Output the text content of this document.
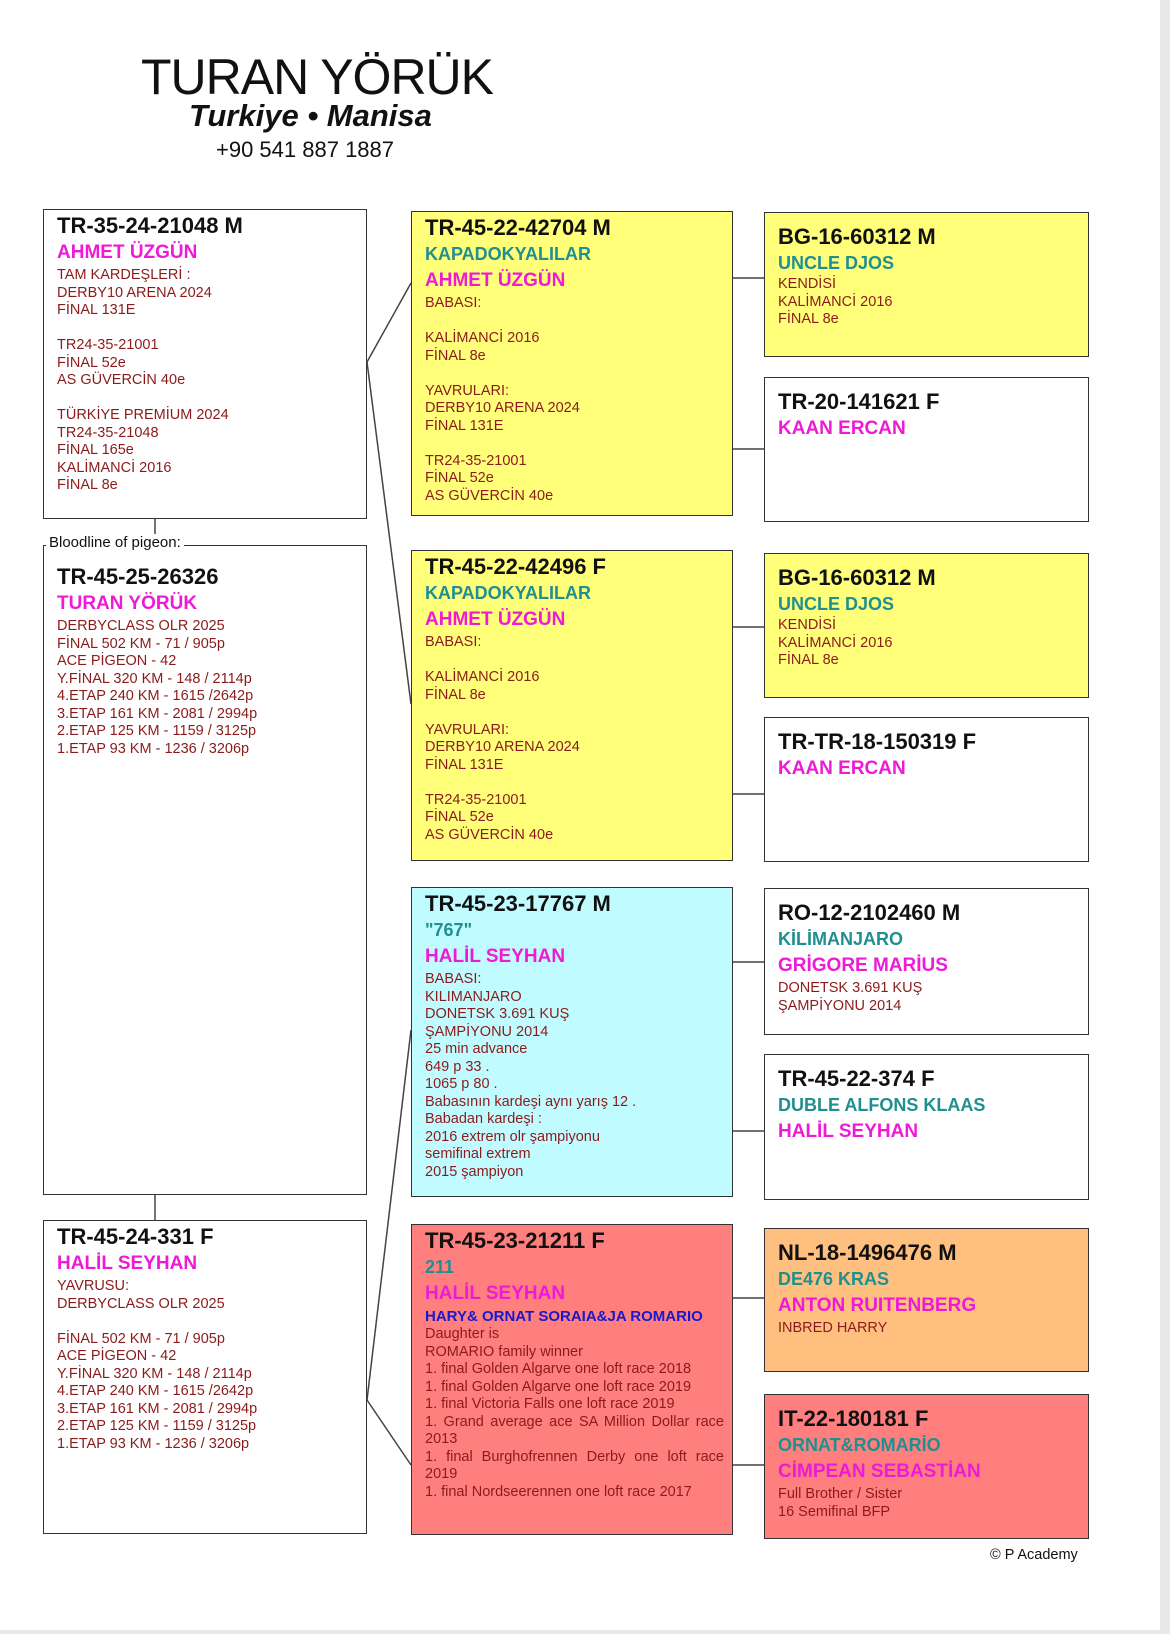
TURAN YÖRÜK
Turkiye • Manisa
+90 541 887 1887
TR-35-24-21048 M
AHMET ÜZGÜN
TAM KARDEŞLERİ :
DERBY10 ARENA 2024
FİNAL 131E

TR24-35-21001
FİNAL 52e
AS GÜVERCİN 40e

TÜRKİYE PREMİUM 2024
TR24-35-21048
FİNAL 165e
KALİMANCİ 2016
FİNAL 8e
TR-45-25-26326
TURAN YÖRÜK
DERBYCLASS OLR 2025
FİNAL 502 KM - 71 / 905p
ACE PİGEON - 42
Y.FİNAL 320 KM - 148 / 2114p
4.ETAP 240 KM - 1615 /2642p
3.ETAP 161 KM - 2081 / 2994p
2.ETAP 125 KM - 1159 / 3125p
1.ETAP 93 KM - 1236 / 3206p
Bloodline of pigeon:
TR-45-24-331 F
HALİL SEYHAN
YAVRUSU:
DERBYCLASS OLR 2025

FİNAL 502 KM - 71 / 905p
ACE PİGEON - 42
Y.FİNAL 320 KM - 148 / 2114p
4.ETAP 240 KM - 1615 /2642p
3.ETAP 161 KM - 2081 / 2994p
2.ETAP 125 KM - 1159 / 3125p
1.ETAP 93 KM - 1236 / 3206p
TR-45-22-42704 M
KAPADOKYALILAR
AHMET ÜZGÜN
BABASI:

KALİMANCİ 2016
FİNAL 8e

YAVRULARI:
DERBY10 ARENA 2024
FİNAL 131E

TR24-35-21001
FİNAL 52e
AS GÜVERCİN 40e
TR-45-22-42496 F
KAPADOKYALILAR
AHMET ÜZGÜN
BABASI:

KALİMANCİ 2016
FİNAL 8e

YAVRULARI:
DERBY10 ARENA 2024
FİNAL 131E

TR24-35-21001
FİNAL 52e
AS GÜVERCİN 40e
TR-45-23-17767 M
"767"
HALİL SEYHAN
BABASI:
KILIMANJARO
DONETSK 3.691 KUŞ
ŞAMPİYONU 2014
25 min advance
649 p 33 .
1065 p 80 .
Babasının kardeşi aynı yarış 12 .
Babadan kardeşi :
2016 extrem olr şampiyonu
semifinal extrem
2015 şampiyon
TR-45-23-21211 F
211
HALİL SEYHAN
HARY& ORNAT SORAIA&JA ROMARIO
Daughter is
ROMARIO family winner
1. final Golden Algarve one loft race 2018
1. final Golden Algarve one loft race 2019
1. final Victoria Falls one loft race 2019
1. Grand average ace SA Million Dollar race 2013
1. final Burghofrennen Derby one loft race 2019
1. final Nordseerennen one loft race 2017
BG-16-60312 M
UNCLE DJOS
KENDİSİ
KALİMANCİ 2016
FİNAL 8e
TR-20-141621 F
KAAN ERCAN
BG-16-60312 M
UNCLE DJOS
KENDİSİ
KALİMANCİ 2016
FİNAL 8e
TR-TR-18-150319 F
KAAN ERCAN
RO-12-2102460 M
KİLİMANJARO
GRİGORE MARİUS
DONETSK 3.691 KUŞ
ŞAMPİYONU 2014
TR-45-22-374 F
DUBLE ALFONS KLAAS
HALİL SEYHAN
NL-18-1496476 M
DE476 KRAS
ANTON RUITENBERG
INBRED HARRY
IT-22-180181 F
ORNAT&ROMARİO
CİMPEAN SEBASTİAN
Full Brother / Sister
16 Semifinal BFP
© P Academy
